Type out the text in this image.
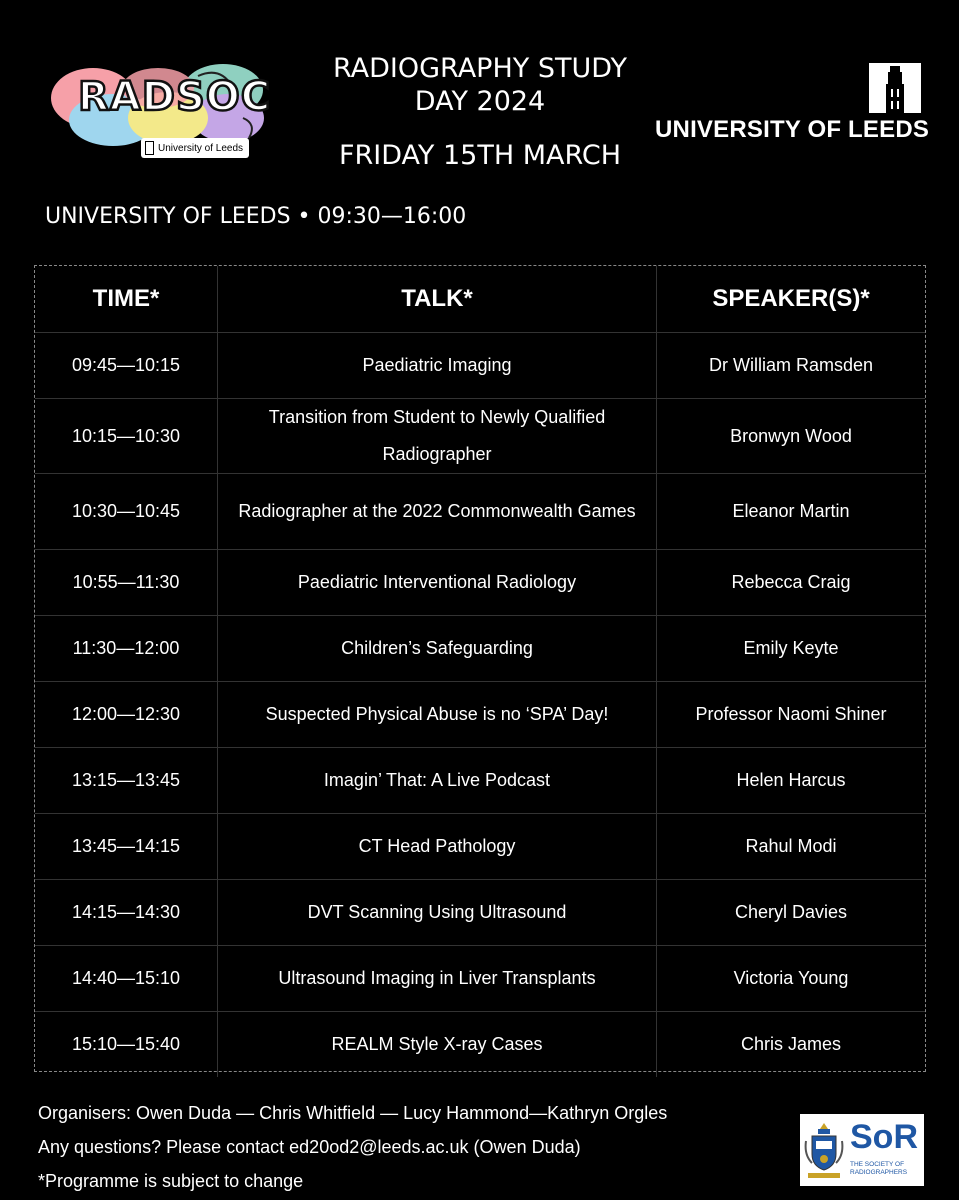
RADSOC
University of Leeds
RADIOGRAPHY STUDY
DAY 2024
FRIDAY 15TH MARCH
UNIVERSITY OF LEEDS
UNIVERSITY OF LEEDS • 09:30—16:00
TIME*	TALK*	SPEAKER(S)*
09:45—10:15	Paediatric Imaging	Dr William Ramsden
10:15—10:30	Transition from Student to Newly Qualified Radiographer	Bronwyn Wood
10:30—10:45	Radiographer at the 2022 Commonwealth Games	Eleanor Martin
10:55—11:30	Paediatric Interventional Radiology	Rebecca Craig
11:30—12:00	Children’s Safeguarding	Emily Keyte
12:00—12:30	Suspected Physical Abuse is no ‘SPA’ Day!	Professor Naomi Shiner
13:15—13:45	Imagin’ That: A Live Podcast	Helen Harcus
13:45—14:15	CT Head Pathology	Rahul Modi
14:15—14:30	DVT Scanning Using Ultrasound	Cheryl Davies
14:40—15:10	Ultrasound Imaging in Liver Transplants	Victoria Young
15:10—15:40	REALM Style X-ray Cases	Chris James
Organisers: Owen Duda — Chris Whitfield — Lucy Hammond—Kathryn Orgles
Any questions? Please contact ed20od2@leeds.ac.uk (Owen Duda)
*Programme is subject to change
SoR
THE SOCIETY OF RADIOGRAPHERS
